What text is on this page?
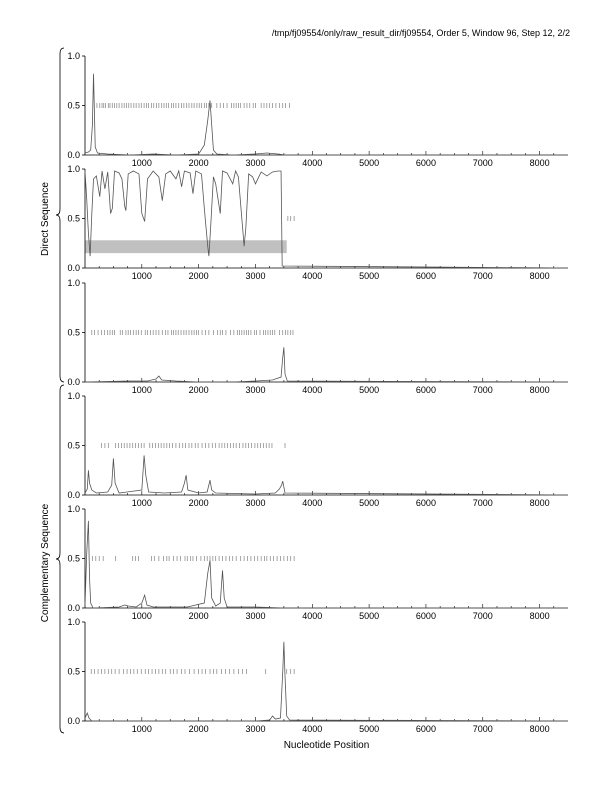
/tmp/fj09554/only/raw_result_dir/fj09554, Order 5, Window 96, Step 12, 2/2
0.0
0.5
1.0
1000	2000	3000	4000	5000	6000	7000	8000
0.0
0.5
1.0
1000	2000	3000	4000	5000	6000	7000	8000
0.0
0.5
1.0
1000	2000	3000	4000	5000	6000	7000	8000
0.0
0.5
1.0
1000	2000	3000	4000	5000	6000	7000	8000
0.0
0.5
1.0
1000	2000	3000	4000	5000	6000	7000	8000
0.0
0.5
1.0
1000	2000	3000	4000	5000	6000	7000	8000
Direct Sequence
Complementary Sequence
Nucleotide Position
